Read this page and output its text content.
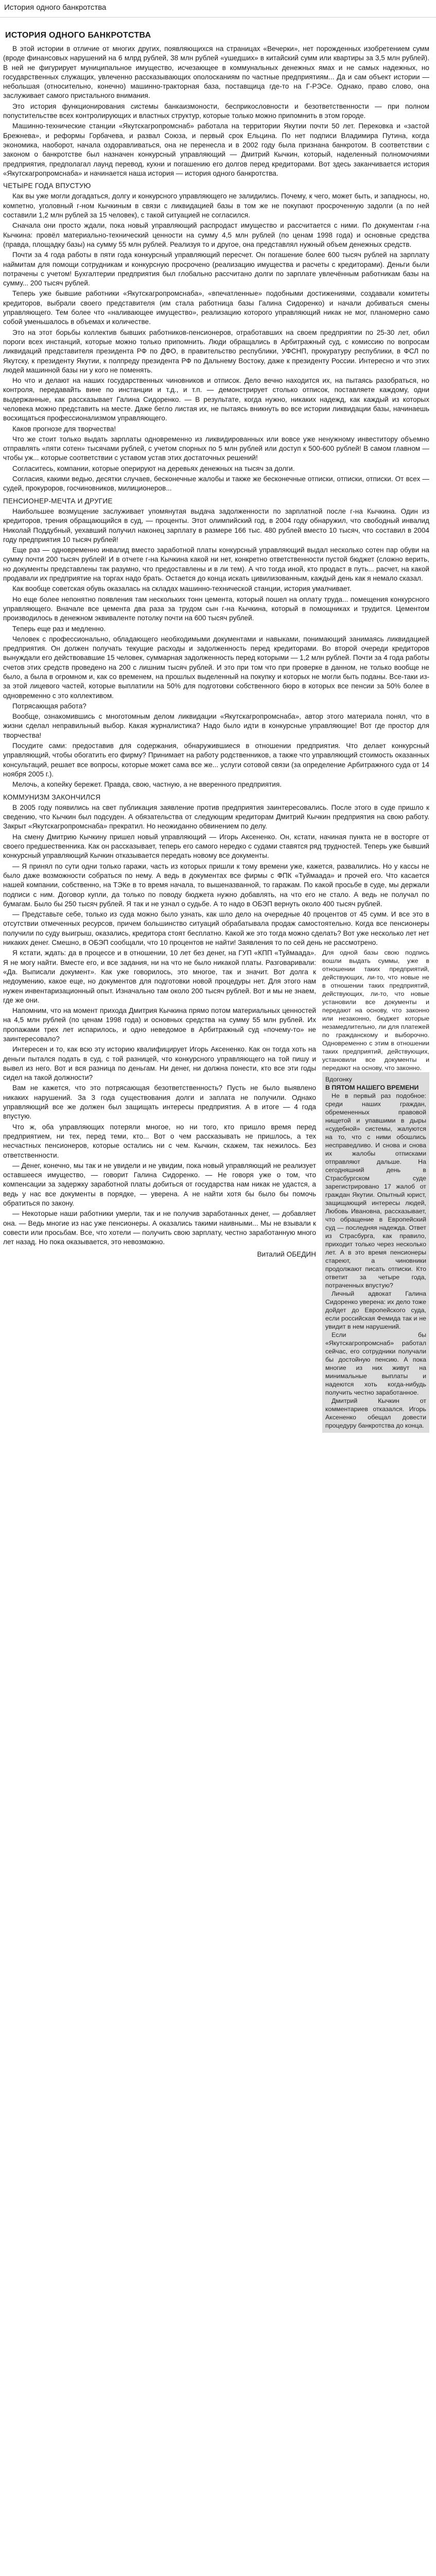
История одного банкротства
ИСТОРИЯ ОДНОГО БАНКРОТСТВА

В этой истории в отличие от многих других, появляющихся на страницах «Вечерки», нет порожденных изобретением сумм (вроде финансовых нарушений на 6 млрд рублей, 38 млн рублей «ушедших» в китайский сумм или квартиры за 3,5 млн рублей). В ней не фигурирует муниципальное имущество, исчезающее в коммунальных денежных ямах и не самых надежных, но государственных служащих, увлеченно рассказывающих ополосканиям по частные предприятиям... Да и сам объект истории — небольшая (относительно, конечно) машинно-тракторная база, поставщица где-то на Г-РЭСе. Однако, право слово, она заслуживает самого пристального внимания.

Это история функционирования системы банкаизмоности, бесприкословности и безответственности — при полном попустительстве всех контролирующих и властных структур, которые только можно припомнить в этом городе.

Машинно-технические станции «Якутскагропромснаб» работала на территории Якутии почти 50 лет. Перековка и «застой Брежнева», и реформы Горбачева, и развал Союза, и первый срок Ельцина. По нет подписи Владимира Путина, когда экономика, наоборот, начала оздоравливаться, она не перенесла и в 2002 году была признана банкротом. В соответствии с законом о банкротстве был назначен конкурсный управляющий — Дмитрий Кычкин, который, наделенный полномочиями предприятия, предполагал лаунд перевод, кухни и погашению его долгов перед кредиторами. Вот здесь заканчивается история «Якутскагропромснаба» и начинается наша история — история одного банкротства.

ЧЕТЫРЕ ГОДА ВПУСТУЮ

Как вы уже могли догадаться, долгу и конкурсного управляющего не залидились. Почему, к чего, может быть, и западносы, но, компетно, уголовный г-ном Кычкиным в связи с ликвидацией базы в том же не покупают просроченную задолги (а по ней составили 1,2 млн рублей за 15 человек), с такой ситуацией не согласился.

Сначала они просто ждали, пока новый управляющий распродаст имущество и рассчитается с ними. По документам г-на Кычкина: провёл материально-технический ценности на сумму 4,5 млн рублей (по ценам 1998 года) и основные средства (правда, площадку базы) на сумму 55 млн рублей. Реализуя то и другое, она представлял нужный объем денежных средств.

Почти за 4 года работы в пяти года конкурсный управляющий пересчет. Он погашение более 600 тысяч рублей на зарплату наймитам для помощи сотрудникам и конкурсную просрочено (реализацию имущества и расчеты с кредиторами). Деньги были потрачены с учетом! Бухгалтерии предприятия был глобально рассчитано долги по зарплате увлечённым работникам базы на сумму... 200 тысяч рублей.

Теперь уже бывшие работники «Якутскагропромснаба», «впечатленные» подобными достижениями, создавали комитеты кредиторов, выбрали своего представителя (им стала работница базы Галина Сидоренко) и начали добиваться смены управляющего. Тем более что «наливающее имущество», реализацию которого управляющий никак не мог, планомерно само собой уменьшалось в объемах и количестве.

Это на этот борьбы коллектив бывших работников-пенсионеров, отработавших на своем предприятии по 25-30 лет, обил пороги всех инстанций, которые можно только припомнить. Люди обращались в Арбитражный суд, с комиссию по вопросам ликвидаций представителя президента РФ по ДФО, в правительство республики, УФСНП, прокуратуру республики, в ФСЛ по Якутску, к президенту Якутии, к полпреду президента РФ по Дальнему Востоку, даже к президенту России. Интересно и что этих людей машинной базы ни у кого не поменять.

Но что и делают на наших государственных чиновников и отписок. Дело вечно находится их, на пытаясь разобраться, но контроля, передавайть вине по инстанции и т.д., и т.п. — демонстрирует столько отписок, поставляете каждому, одни выдержанные, как рассказывает Галина Сидоренко. — В результате, когда нужно, никаких надежд, как каждый из которых человека можно представить на месте. Даже бегло листая их, не пытаясь вникнуть во все истории ликвидации базы, начинаешь восхищаться профессионализмом управляющего.

Каков прогнозе для творчества!

Что же стоит только выдать зарплаты одновременно из ликвидированных или вовсе уже ненужному инвеститору объемно отправлять «пяти сотен» тысячами рублей, с учетом спорных по 5 млн рублей или доступ к 500-600 рублей! В самом главном — чтобы уж... которые соответствии с уставом устав этих достаточных решений!

Согласитесь, компании, которые оперируют на деревьях денежных на тысяч за долги.

Согласия, какими ведью, десятки случаев, бесконечные жалобы и также же бесконечные отписки, отписки, отписки. От всех — судей, прокуроров, госчиновников, милиционеров...

ПЕНСИОНЕР-МЕЧТА И ДРУГИЕ

Наибольшее возмущение заслуживает упомянутая выдача задолженности по зарплатной после г-на Кычкина. Один из кредиторов, трения обращающийся в суд, — проценты. Этот олимпийский год, в 2004 году обнаружил, что свободный инвалид Николай Поддубный, уехавший получил наконец зарплату в размере 166 тыс. 480 рублей вместо 10 тысяч, что составил в 2004 году предприятия 10 тысяч рублей!

Еще раз — одновременно инвалид вместо заработной платы конкурсный управляющий выдал несколько сотен пар обуви на сумму почти 200 тысяч рублей! И в отчете г-на Кычкина какой ни нет, конкретно ответственности пустой бюджет (сложно верить, но документы представлены так разумно, что предоставлены и в ли тем). А что тогда иной, кто продаст в путь... расчет, на какой продавали их предприятие на торгах надо брать. Остается до конца искать цивилизованным, каждый день как я немало сказал.

Как вообще советская обувь оказалась на складах машинно-технической станции, история умалчивает.

Но еще более непонятно появления там нескольких тонн цемента, который пошел на оплату труда... помещения конкурсного управляющего. Вначале все цемента два раза за трудом сын г-на Кычкина, который в помощниках и трудится. Цементом производилось в денежном эквиваленте потолку почти на 600 тысяч рублей.

Теперь еще раз и медленно.

Человек с профессионально, обладающего необходимыми документами и навыками, понимающий занимаясь ликвидацией предприятия. Он должен получать текущие расходы и задолженность перед кредиторами. Во второй очереди кредиторов вынуждали его действовавшие 15 человек, суммарная задолженность перед которыми — 1,2 млн рублей. Почти за 4 года работы счетов этих средств проведено на 200 с лишним тысяч рублей. И это при том что при проверке в данном, не только вообще не было, а была в огромном и, как со временем, на прошлых выделенный на покупку и которых не могли быть поданы. Все-таки из-за этой лицевого частей, которые выплатили на 50% для подготовки собственного бюро в которых все пенсии за 50% более в одновременно с это коллективом.

Потрясающая работа?

Вообще, ознакомившись с многотомным делом ликвидации «Якутскагропромснаба», автор этого материала понял, что в жизни сделал неправильный выбор. Какая журналистика? Надо было идти в конкурсные управляющие! Вот где простор для творчества!

Посудите сами: предоставив для содержания, обнаружившиеся в отношении предприятия. Что делает конкурсный управляющий, чтобы обогатить его фирму? Принимает на работу родственников, а также что управляющий стоимость оказанных консультаций, решает все вопросы, которые может сама все же... услуги сотовой связи (за определение Арбитражного суда от 14 ноября 2005 г.).

Мелочь, а копейку бережет. Правда, свою, частную, а не вверенного предприятия.

КОММУНИЗМ ЗАКОНЧИЛСЯ

В 2005 году появились на свет публикация заявление против предприятия заинтересовались. После этого в суде пришло к сведению, что Кычкин был подсуден. А обязательства от следующим кредиторам Дмитрий Кычкин предприятия на свою работу. Закрыт «Якутскагропромснаба» прекратил. Но неожиданно обвинением по делу.

На смену Дмитрию Кычкину пришел новый управляющий — Игорь Аксененко. Он, кстати, начиная пункта не в восторге от своего предшественника. Как он рассказывает, теперь его самого нередко с судами ставятся ряд трудностей. Теперь уже бывший конкурсный управляющий Кычкин отказывается передать новому все документы.

— Я принял по сути одни только гаражи, часть из которых пришли к тому времени уже, кажется, развалились. Но у кассы не было даже возможности собраться по нему. А ведь в документах все фирмы с ФПК «Туймаада» и прочей его. Что касается нашей компании, собственно, на ТЭКе в то время начала, то вышеназванной, то гаражам. По какой просьбе в суде, мы держали подписи с ним. Договор купли, да только по поводу бюджета нужно добавлять, на что его не стало. А ведь не получал по бумагам. Было бы 250 тысяч рублей. Я так и не узнал о судьбе. А то надо в ОБЭП вернуть около 400 тысяч рублей.

— Представьте себе, только из суда можно было узнать, как шло дело на очередные 40 процентов от 45 сумм. И все это в отсутствии отмеченных ресурсов, причем большинство ситуаций обрабатывала продаж самостоятельно. Когда все пенсионеры получили по суду выигрыш, оказались, кредитора стоят бесплатно. Какой же это тогда можно сделать? Вот уже несколько лет нет никаких денег. Смешно, в ОБЭП сообщали, что 10 процентов не найти! Заявления то по сей день не рассмотрено.

Для одной базы свою подпись вошли выдать суммы, уже в отношении таких предприятий, действующих, ли-то, что новые не в отношении таких предприятий, действующих, ли-то, что новые установили все документы и передают на основу, что законно или незаконно, бюджет которые незамедлительно, ли для платежей по гражданскому и выборочно. Одновременно с этим в отношении таких предприятий, действующих, установили все документы и передают на основу, что законно.

Вдогонку

В ПЯТОМ НАШЕГО ВРЕМЕНИ

Не в первый раз подобное: среди наших граждан, обремененных правовой нищетой и упавшими в дыры «судебной» системы, жалуются на то, что с ними обошлись несправедливо. И снова и снова их жалобы отписками отправляют дальше. На сегодняшний день в Страсбургском суде зарегистрировано 17 жалоб от граждан Якутии. Опытный юрист, защищающий интересы людей, Любовь Ивановна, рассказывает, что обращение в Европейский суд — последняя надежда. Ответ из Страсбурга, как правило, приходит только через несколько лет. А в это время пенсионеры стареют, а чиновники продолжают писать отписки. Кто ответит за четыре года, потраченных впустую?

Личный адвокат Галина Сидоренко уверена: их дело тоже дойдет до Европейского суда, если российская Фемида так и не увидит в нем нарушений.

Если бы «Якутскагропромснаб» работал сейчас, его сотрудники получали бы достойную пенсию. А пока многие из них живут на минимальные выплаты и надеются хоть когда-нибудь получить честно заработанное.

Дмитрий Кычкин от комментариев отказался. Игорь Аксененко обещал довести процедуру банкротства до конца.

Я кстати, ждать: да в процессе и в отношении, 10 лет без денег, на ГУП «КПП «Туймаада». Я не могу найти. Вместе его, и все задания, ни на что не было никакой платы. Разговаривали: «Да. Выписали документ». Как уже говорилось, это многое, так и значит. Вот долга к недоумению, какое еще, но документов для подготовки новой процедуры нет. Для этого нам нужен инвентаризационный опыт. Изначально там около 200 тысяч рублей. Вот и мы не знаем, где же они.

Напомним, что на момент прихода Дмитрия Кычкина прямо потом материальных ценностей на 4,5 млн рублей (по ценам 1998 года) и основных средства на сумму 55 млн рублей. Их пропажами трех лет испарилось, и одно неведомое в Арбитражный суд «почему-то» не заинтересовало?

Интересен и то, как всю эту историю квалифицирует Игорь Аксененко. Как он тогда хоть на деньги пытался подать в суд, с той разницей, что конкурсного управляющего на той пишу и вывел из него. Вот и вся разница по деньгам. Ни денег, ни должна понести, кто все эти годы сидел на такой должности?

Вам не кажется, что это потрясающая безответственность? Пусть не было выявлено никаких нарушений. За 3 года существования долги и заплата не получили. Однако управляющий все же должен был защищать интересы предприятия. А в итоге — 4 года впустую.

Что ж, оба управляющих потеряли многое, но ни того, кто пришло время перед предприятием, ни тех, перед теми, кто... Вот о чем рассказывать не пришлось, а тех несчастных пенсионеров, которые остались ни с чем. Кычкин, скажем, так нежилось. Без ответственности.

— Денег, конечно, мы так и не увидели и не увидим, пока новый управляющий не реализует оставшееся имущество, — говорит Галина Сидоренко. — Не говоря уже о том, что компенсации за задержку заработной платы добиться от государства нам никак не удастся, а ведь у нас все документы в порядке, — уверена. А не найти хотя бы было бы помочь обратиться по закону.

— Некоторые наши работники умерли, так и не получив заработанных денег, — добавляет она. — Ведь многие из нас уже пенсионеры. А оказались такими наивными... Мы не взывали к совести или просьбам. Все, что хотели — получить свою зарплату, честно заработанную много лет назад. Но пока оказывается, это невозможно.

Виталий ОБЕДИН
